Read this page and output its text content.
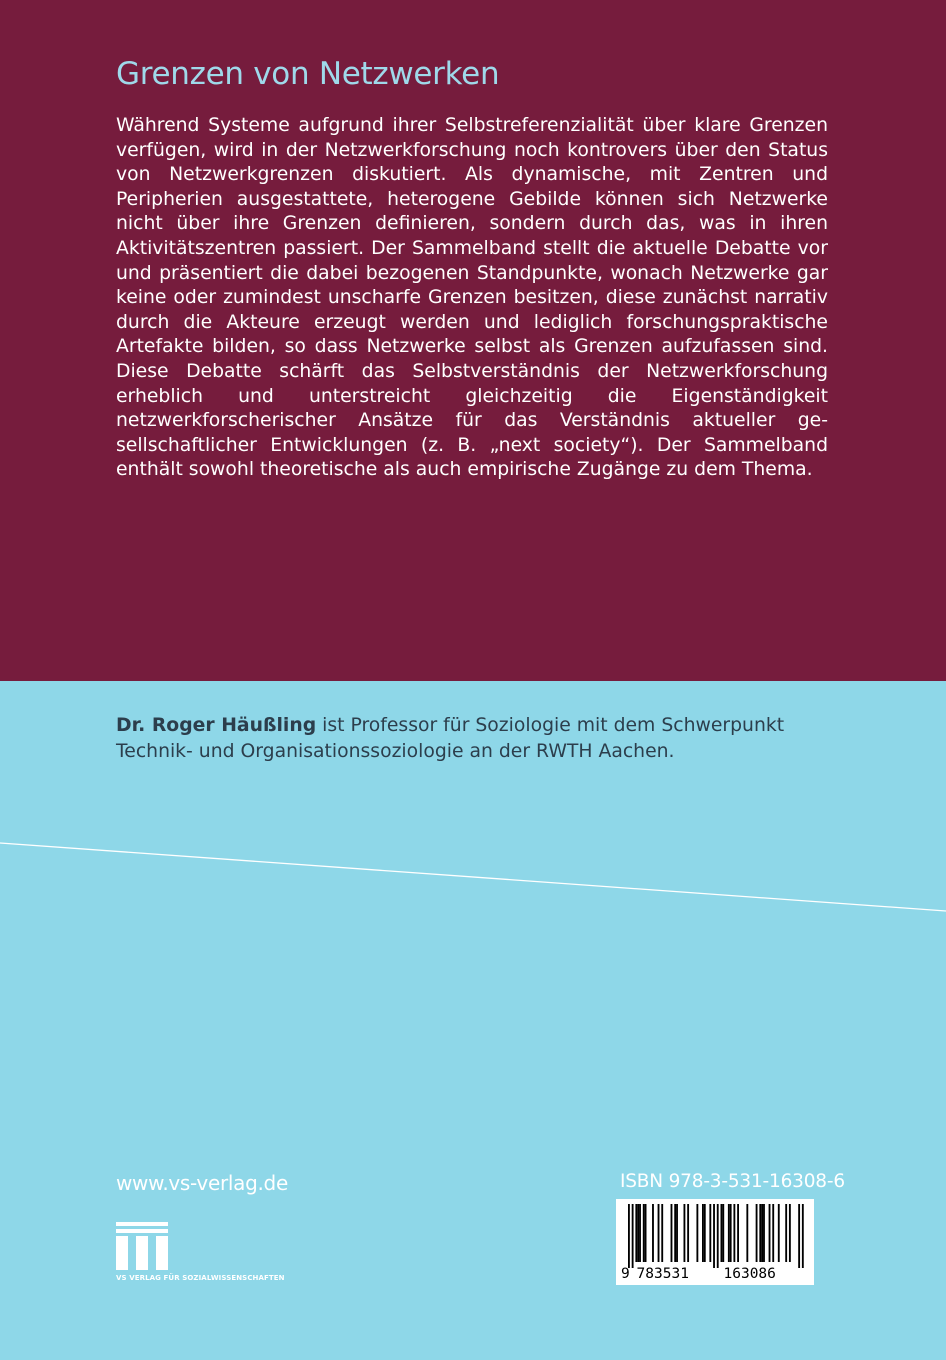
Grenzen von Netzwerken

Während Systeme aufgrund ihrer Selbstreferenzialität über klare Grenzen verfügen, wird in der Netzwerkforschung noch kontrovers über den Status von Netzwerkgrenzen diskutiert. Als dynamische, mit Zentren und Peripherien ausgestattete, heterogene Gebilde können sich Netzwerke nicht über ihre Grenzen definieren, sondern durch das, was in ihren Aktivitätszentren passiert. Der Sammelband stellt die aktuelle Debatte vor und präsentiert die dabei bezogenen Standpunkte, wonach Netzwerke gar keine oder zumindest unscharfe Grenzen besitzen, diese zunächst narrativ durch die Akteure erzeugt werden und lediglich forschungspraktische Artefakte bilden, so dass Netzwerke selbst als Grenzen aufzufassen sind. Diese Debatte schärft das Selbstverständnis der Netzwerkforschung erheblich und unterstreicht gleichzeitig die Eigenständigkeit netzwerkforscherischer Ansätze für das Verständnis aktueller gesellschaftlicher Entwicklungen (z. B. „next society“). Der Sammelband enthält sowohl theoretische als auch empirische Zugänge zu dem Thema.

Dr. Roger Häußling ist Professor für Soziologie mit dem Schwerpunkt Technik- und Organisationssoziologie an der RWTH Aachen.

www.vs-verlag.de
VS VERLAG FÜR SOZIALWISSENSCHAFTEN
ISBN 978-3-531-16308-6
9 783531 163086
